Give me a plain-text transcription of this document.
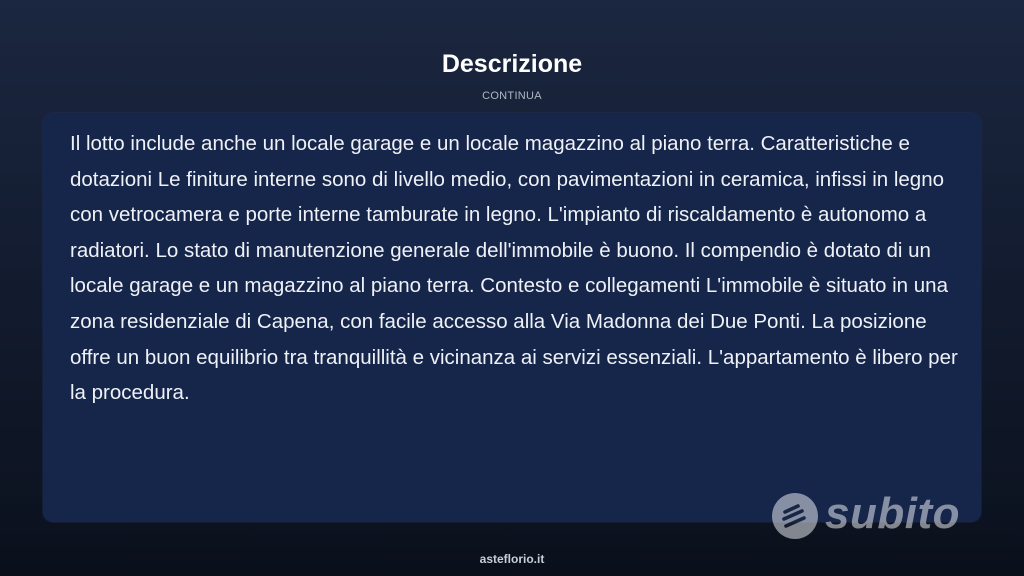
Descrizione
CONTINUA

Il lotto include anche un locale garage e un locale magazzino al piano terra. Caratteristiche e dotazioni Le finiture interne sono di livello medio, con pavimentazioni in ceramica, infissi in legno con vetrocamera e porte interne tamburate in legno. L'impianto di riscaldamento è autonomo a radiatori. Lo stato di manutenzione generale dell'immobile è buono. Il compendio è dotato di un locale garage e un magazzino al piano terra. Contesto e collegamenti L'immobile è situato in una zona residenziale di Capena, con facile accesso alla Via Madonna dei Due Ponti. La posizione offre un buon equilibrio tra tranquillità e vicinanza ai servizi essenziali. L'appartamento è libero per la procedura.

subito
asteflorio.it
